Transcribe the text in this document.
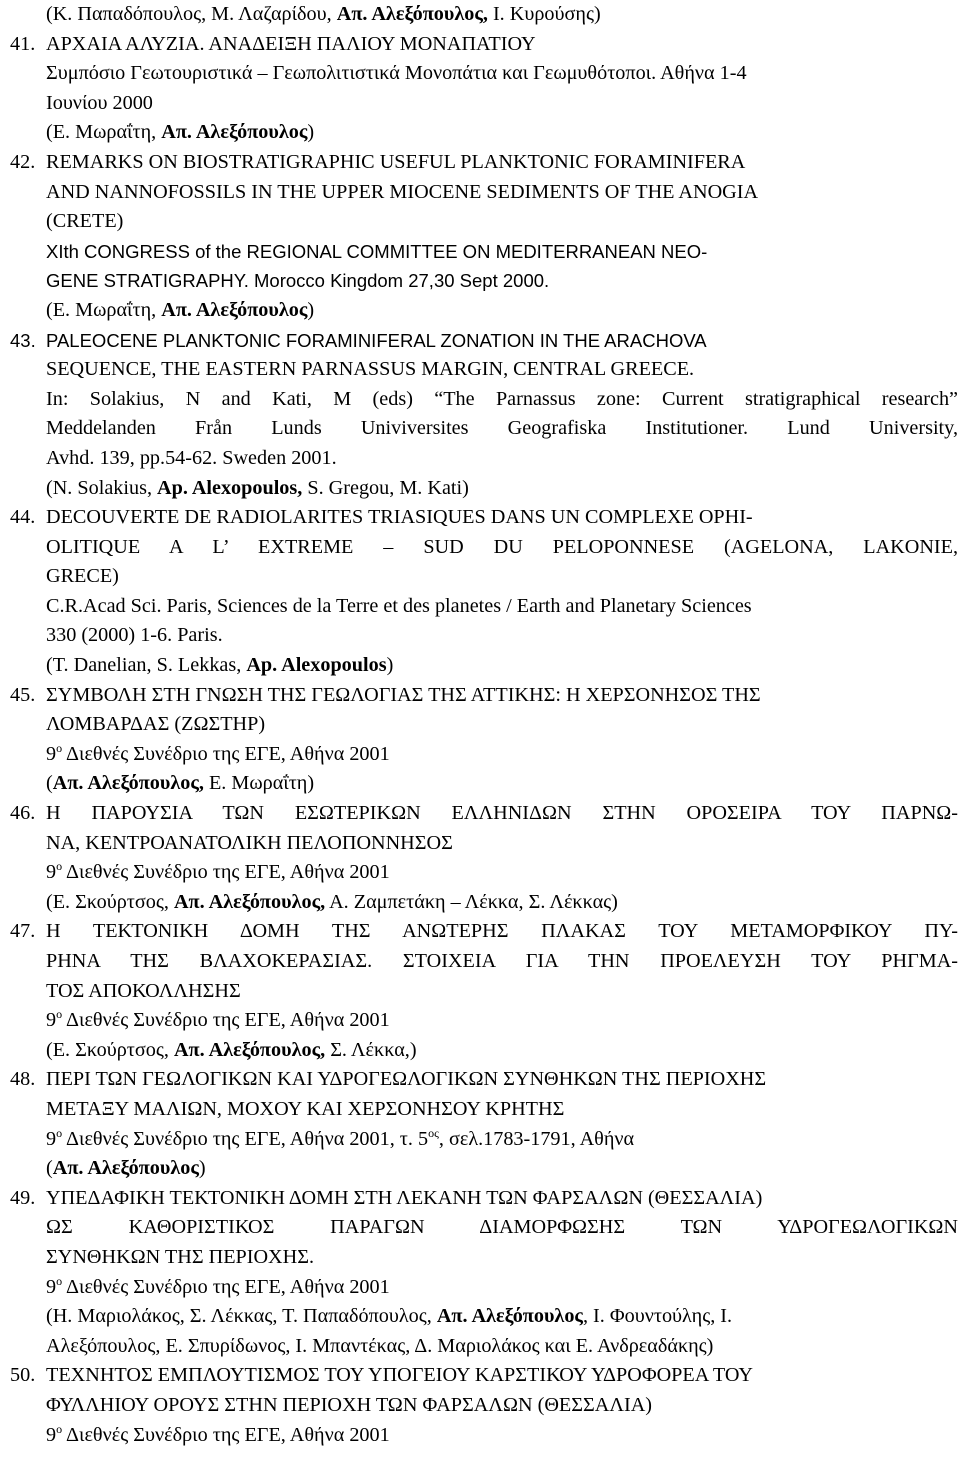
(Κ. Παπαδόπουλος, Μ. Λαζαρίδου, Απ. Αλεξόπουλος, Ι. Κυρούσης)
41. ΑΡΧΑΙΑ ΑΛΥΖΙΑ. ΑΝΑΔΕΙΞΗ ΠΑΛΙΟΥ ΜΟΝΑΠΑΤΙΟΥ
Συμπόσιο Γεωτουριστικά – Γεωπολιτιστικά Μονοπάτια και Γεωμυθότοποι. Αθήνα 1-4
Ιουνίου 2000
(Ε. Μωραΐτη, Απ. Αλεξόπουλος)
42. REMARKS ON BIOSTRATIGRAPHIC USEFUL PLANKTONIC FORAMINIFERA
AND NANNOFOSSILS IN THE UPPER MIOCENE SEDIMENTS OF THE ANOGIA
(CRETE)
XIth CONGRESS of the REGIONAL COMMITTEE ON MEDITERRANEAN NEO-
GENE STRATIGRAPHY. Morocco Kingdom 27,30 Sept 2000.
(Ε. Μωραΐτη, Απ. Αλεξόπουλος)
43. PALEOCENE PLANKTONIC FORAMINIFERAL ZONATION IN THE ARACHOVA
SEQUENCE, THE EASTERN PARNASSUS MARGIN, CENTRAL GREECE.
In: Solakius, N and Kati, M (eds) “The Parnassus zone: Current stratigraphical research”
Meddelanden Från Lunds Univiversites Geografiska Institutioner. Lund University,
Avhd. 139, pp.54-62. Sweden 2001.
(N. Solakius, Ap. Alexopoulos, S. Gregou, M. Kati)
44. DECOUVERTE DE RADIOLARITES TRIASIQUES DANS UN COMPLEXE OPHI-
OLITIQUE A L’ EXTREME – SUD DU PELOPONNESE (AGELONA, LAKONIE,
GRECE)
C.R.Acad Sci. Paris, Sciences de la Terre et des planetes / Earth and Planetary Sciences
330 (2000) 1-6. Paris.
(T. Danelian, S. Lekkas, Ap. Alexopoulos)
45. ΣΥΜΒΟΛΗ ΣΤΗ ΓΝΩΣΗ ΤΗΣ ΓΕΩΛΟΓΙΑΣ ΤΗΣ ΑΤΤΙΚΗΣ: Η ΧΕΡΣΟΝΗΣΟΣ ΤΗΣ
ΛΟΜΒΑΡΔΑΣ (ΖΩΣΤΗΡ)
$9^o$ Διεθνές Συνέδριο της ΕΓΕ, Αθήνα 2001
(Απ. Αλεξόπουλος, Ε. Μωραΐτη)
46. Η ΠΑΡΟΥΣΙΑ ΤΩΝ ΕΣΩΤΕΡΙΚΩΝ ΕΛΛΗΝΙΔΩΝ ΣΤΗΝ ΟΡΟΣΕΙΡΑ ΤΟΥ ΠΑΡΝΩ-
ΝΑ, ΚΕΝΤΡΟΑΝΑΤΟΛΙΚΗ ΠΕΛΟΠΟΝΝΗΣΟΣ
$9^o$ Διεθνές Συνέδριο της ΕΓΕ, Αθήνα 2001
(Ε. Σκούρτσος, Απ. Αλεξόπουλος, Α. Ζαμπετάκη – Λέκκα, Σ. Λέκκας)
47. Η ΤΕΚΤΟΝΙΚΗ ΔΟΜΗ ΤΗΣ ΑΝΩΤΕΡΗΣ ΠΛΑΚΑΣ ΤΟΥ ΜΕΤΑΜΟΡΦΙΚΟΥ ΠΥ-
ΡΗΝΑ ΤΗΣ ΒΛΑΧΟΚΕΡΑΣΙΑΣ. ΣΤΟΙΧΕΙΑ ΓΙΑ ΤΗΝ ΠΡΟΕΛΕΥΣΗ ΤΟΥ ΡΗΓΜΑ-
ΤΟΣ ΑΠΟΚΟΛΛΗΣΗΣ
$9^o$ Διεθνές Συνέδριο της ΕΓΕ, Αθήνα 2001
(Ε. Σκούρτσος, Απ. Αλεξόπουλος, Σ. Λέκκα,)
48. ΠΕΡΙ ΤΩΝ ΓΕΩΛΟΓΙΚΩΝ ΚΑΙ ΥΔΡΟΓΕΩΛΟΓΙΚΩΝ ΣΥΝΘΗΚΩΝ ΤΗΣ ΠΕΡΙΟΧΗΣ
ΜΕΤΑΞΥ ΜΑΛΙΩΝ, ΜΟΧΟΥ ΚΑΙ ΧΕΡΣΟΝΗΣΟΥ ΚΡΗΤΗΣ
$9^o$ Διεθνές Συνέδριο της ΕΓΕ, Αθήνα 2001, τ. $5^{o\varsigma}$, σελ.1783-1791, Αθήνα
(Απ. Αλεξόπουλος)
49. ΥΠΕΔΑΦΙΚΗ ΤΕΚΤΟΝΙΚΗ ΔΟΜΗ ΣΤΗ ΛΕΚΑΝΗ ΤΩΝ ΦΑΡΣΑΛΩΝ (ΘΕΣΣΑΛΙΑ)
ΩΣ ΚΑΘΟΡΙΣΤΙΚΟΣ ΠΑΡΑΓΩΝ ΔΙΑΜΟΡΦΩΣΗΣ ΤΩΝ ΥΔΡΟΓΕΩΛΟΓΙΚΩΝ
ΣΥΝΘΗΚΩΝ ΤΗΣ ΠΕΡΙΟΧΗΣ.
$9^o$ Διεθνές Συνέδριο της ΕΓΕ, Αθήνα 2001
(Η. Μαριολάκος, Σ. Λέκκας, Τ. Παπαδόπουλος, Απ. Αλεξόπουλος, Ι. Φουντούλης, Ι.
Αλεξόπουλος, Ε. Σπυρίδωνος, Ι. Μπαντέκας, Δ. Μαριολάκος και Ε. Ανδρεαδάκης)
50. ΤΕΧΝΗΤΟΣ ΕΜΠΛΟΥΤΙΣΜΟΣ ΤΟΥ ΥΠΟΓΕΙΟΥ ΚΑΡΣΤΙΚΟΥ ΥΔΡΟΦΟΡΕΑ ΤΟΥ
ΦΥΛΛΗΙΟΥ ΟΡΟΥΣ ΣΤΗΝ ΠΕΡΙΟΧΗ ΤΩΝ ΦΑΡΣΑΛΩΝ (ΘΕΣΣΑΛΙΑ)
$9^o$ Διεθνές Συνέδριο της ΕΓΕ, Αθήνα 2001
